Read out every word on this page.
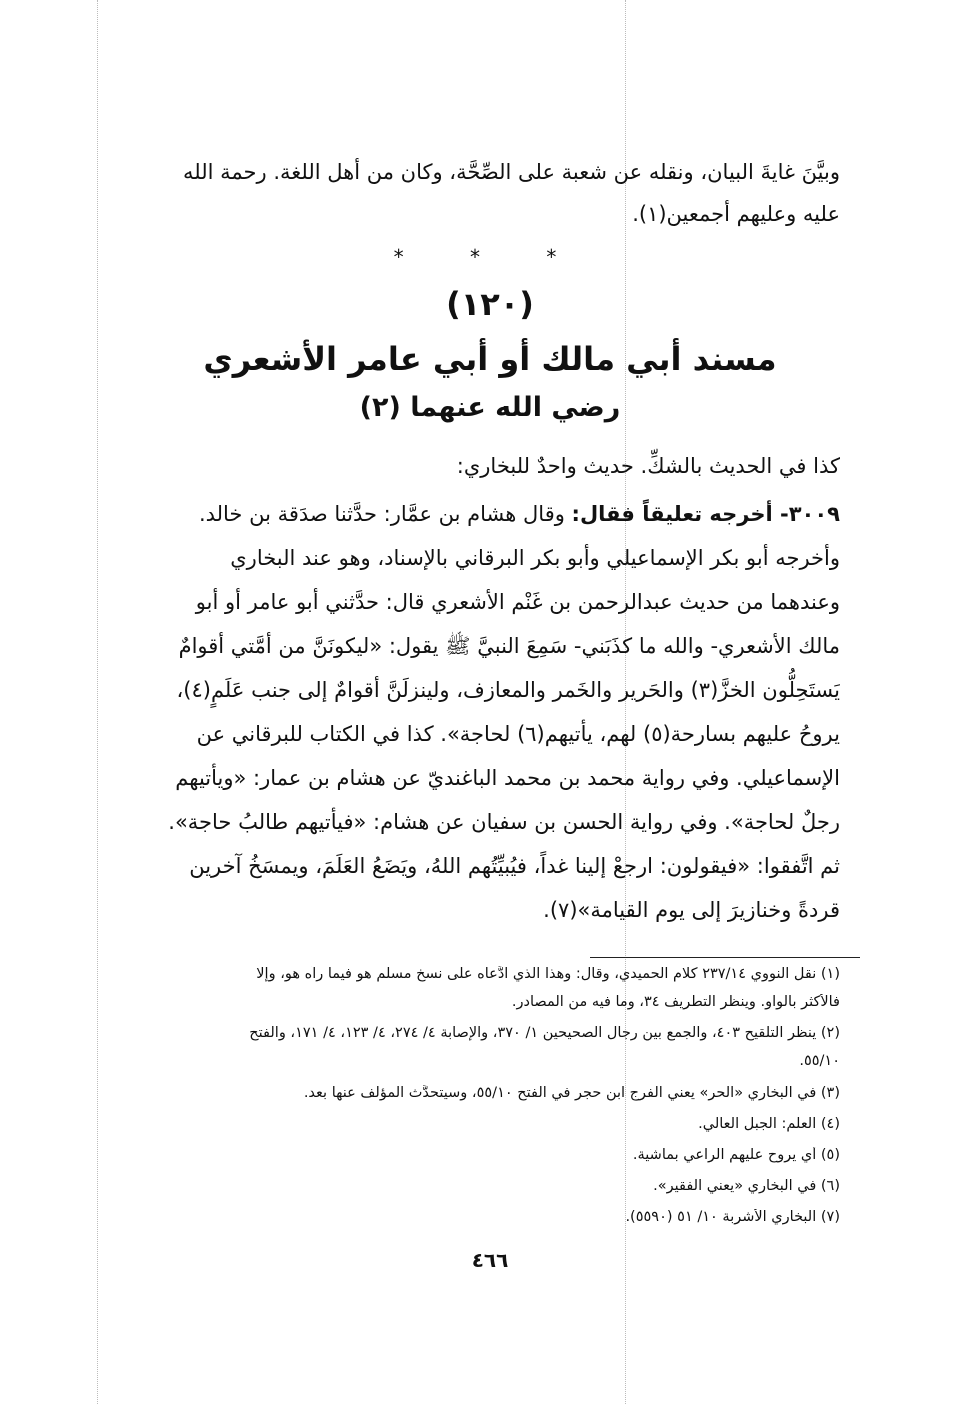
وبيَّنَ غايةَ البيان، ونقله عن شعبة على الصِّحَّة، وكان من أهل اللغة. رحمة الله
عليه وعليهم أجمعين(١).
* * *
(١٢٠)
مسند أبي مالك أو أبي عامر الأشعري
رضي الله عنهما (٢)
كذا في الحديث بالشكِّ. حديث واحدٌ للبخاري:
٣٠٠٩- أخرجه تعليقاً فقال: وقال هشام بن عمَّار: حدَّثنا صدَقة بن خالد.
وأخرجه أبو بكر الإسماعيلي وأبو بكر البرقاني بالإسناد، وهو عند البخاري
وعندهما من حديث عبدالرحمن بن غَنْم الأشعري قال: حدَّثني أبو عامر أو أبو
مالك الأشعري- والله ما كذَبَني- سَمِعَ النبيَّ ﷺ يقول: «ليكونَنَّ من أمَّتي أقوامٌ
يَستَحِلُّون الخزَّ(٣) والحَرير والخَمر والمعازف، ولينزلَنَّ أقوامٌ إلى جنب عَلَمٍ(٤)،
يروحُ عليهم بسارحة(٥) لهم، يأتيهم(٦) لحاجة». كذا في الكتاب للبرقاني عن
الإسماعيلي. وفي رواية محمد بن محمد الباغنديّ عن هشام بن عمار: «ويأتيهم
رجلٌ لحاجة». وفي رواية الحسن بن سفيان عن هشام: «فيأتيهم طالبُ حاجة».
ثم اتَّفقوا: «فيقولون: ارجعْ إلينا غداً، فيُبيِّتُهم اللهُ، ويَضَعُ العَلَمَ، ويمسَخُ آخرين
قردةً وخنازيرَ إلى يوم القيامة»(٧).
(١) نقل النووي ٢٣٧/١٤ كلام الحميدي، وقال: وهذا الذي ادَّعاه على نسخ مسلم هو فيما رآه هو، وإلا
فالأكثر بالواو. وينظر التطريف ٣٤، وما فيه من المصادر.
(٢) ينظر التلقيح ٤٠٣، والجمع بين رجال الصحيحين ١/ ٣٧٠، والإصابة ٤/ ٢٧٤، ٤/ ١٢٣، ٤/ ١٧١، والفتح
٥٥/١٠.
(٣) في البخاري «الحر» يعني الفرج ابن حجر في الفتح ٥٥/١٠، وسيتحدَّث المؤلف عنها بعد.
(٤) العلم: الجبل العالي.
(٥) أي يروح عليهم الراعي بماشية.
(٦) في البخاري «يعني الفقير».
(٧) البخاري الأشربة ١٠/ ٥١ (٥٥٩٠).
٤٦٦
